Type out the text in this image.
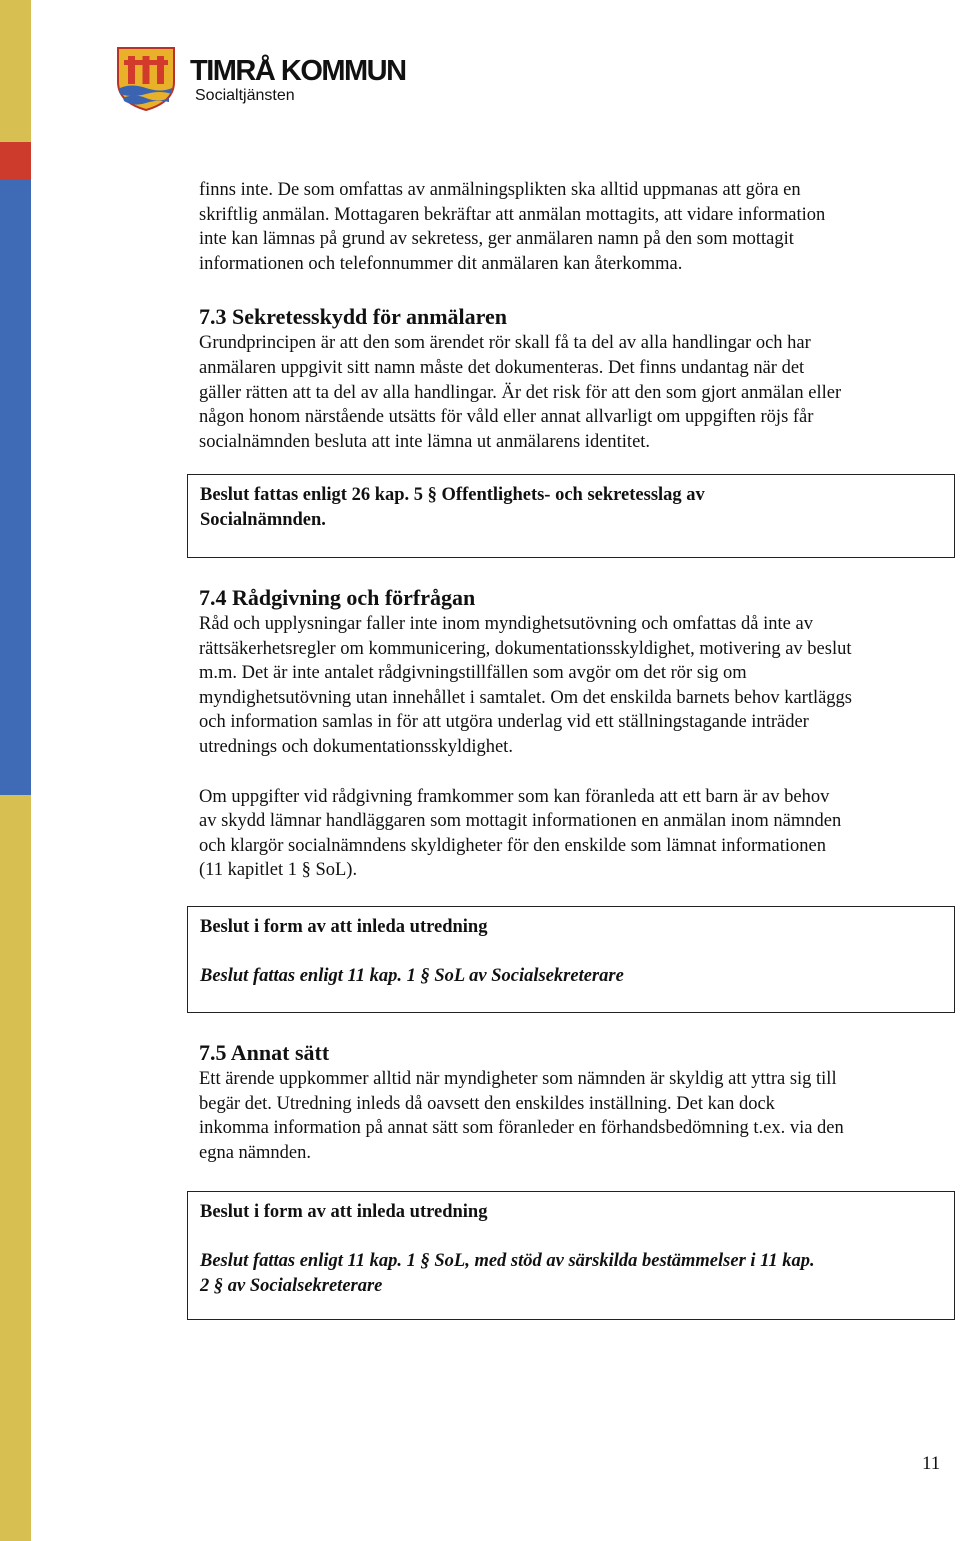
TIMRÅ KOMMUN
Socialtjänsten

finns inte. De som omfattas av anmälningsplikten ska alltid uppmanas att göra en

skriftlig anmälan. Mottagaren bekräftar att anmälan mottagits, att vidare information

inte kan lämnas på grund av sekretess, ger anmälaren namn på den som mottagit

informationen och telefonnummer dit anmälaren kan återkomma.

7.3 Sekretesskydd för anmälaren

Grundprincipen är att den som ärendet rör skall få ta del av alla handlingar och har

anmälaren uppgivit sitt namn måste det dokumenteras. Det finns undantag när det

gäller rätten att ta del av alla handlingar. Är det risk för att den som gjort anmälan eller

någon honom närstående utsätts för våld eller annat allvarligt om uppgiften röjs får

socialnämnden besluta att inte lämna ut anmälarens identitet.

Beslut fattas enligt 26 kap. 5 § Offentlighets- och sekretesslag av

Socialnämnden.

7.4 Rådgivning och förfrågan

Råd och upplysningar faller inte inom myndighetsutövning och omfattas då inte av

rättsäkerhetsregler om kommunicering, dokumentationsskyldighet, motivering av beslut

m.m. Det är inte antalet rådgivningstillfällen som avgör om det rör sig om

myndighetsutövning utan innehållet i samtalet. Om det enskilda barnets behov kartläggs

och information samlas in för att utgöra underlag vid ett ställningstagande inträder

utrednings och dokumentationsskyldighet.

Om uppgifter vid rådgivning framkommer som kan föranleda att ett barn är av behov

av skydd lämnar handläggaren som mottagit informationen en anmälan inom nämnden

och klargör socialnämndens skyldigheter för den enskilde som lämnat informationen

(11 kapitlet 1 § SoL).

Beslut i form av att inleda utredning

Beslut fattas enligt 11 kap. 1 § SoL av Socialsekreterare

7.5 Annat sätt

Ett ärende uppkommer alltid när myndigheter som nämnden är skyldig att yttra sig till

begär det. Utredning inleds då oavsett den enskildes inställning. Det kan dock

inkomma information på annat sätt som föranleder en förhandsbedömning t.ex. via den

egna nämnden.

Beslut i form av att inleda utredning

Beslut fattas enligt 11 kap. 1 § SoL, med stöd av särskilda bestämmelser i 11 kap.

2 § av Socialsekreterare

11
